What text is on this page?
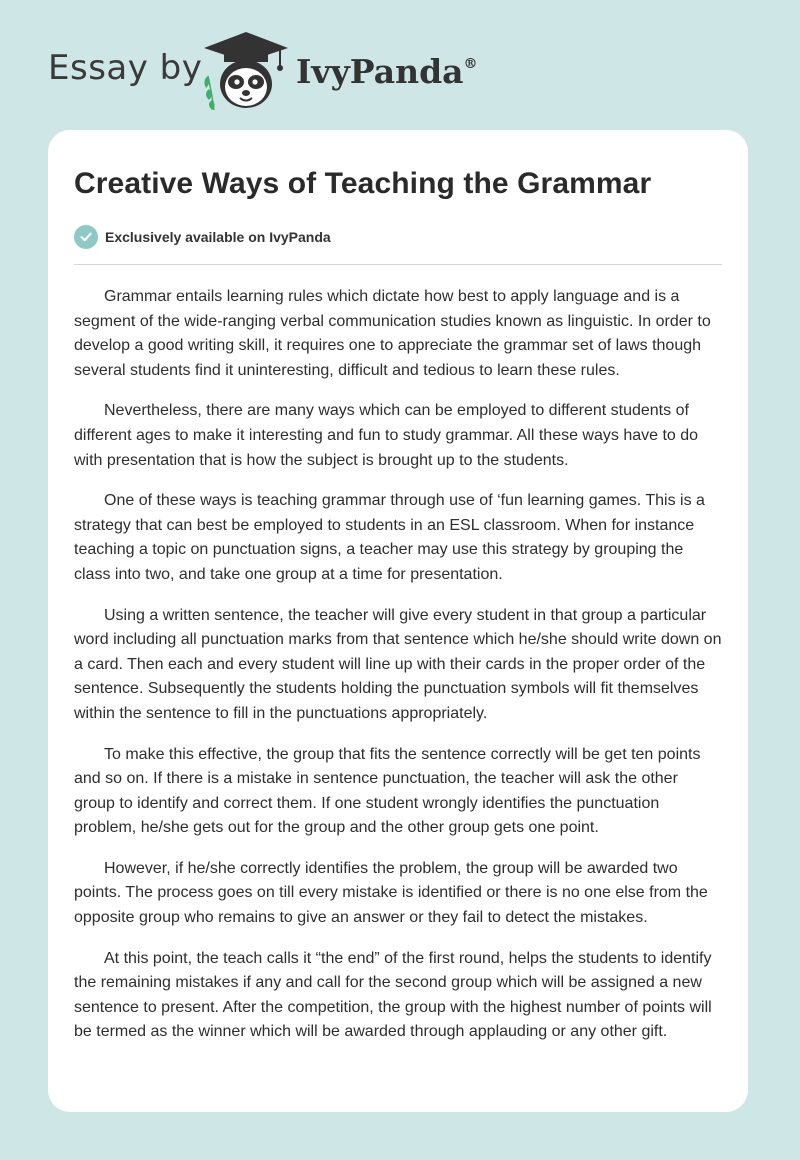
Essay by	IvyPanda®
Creative Ways of Teaching the Grammar
Exclusively available on IvyPanda

Grammar entails learning rules which dictate how best to apply language and is a segment of the wide-ranging verbal communication studies known as linguistic. In order to develop a good writing skill, it requires one to appreciate the grammar set of laws though several students find it uninteresting, difficult and tedious to learn these rules.

Nevertheless, there are many ways which can be employed to different students of different ages to make it interesting and fun to study grammar. All these ways have to do with presentation that is how the subject is brought up to the students.

One of these ways is teaching grammar through use of ‘fun learning games. This is a strategy that can best be employed to students in an ESL classroom. When for instance teaching a topic on punctuation signs, a teacher may use this strategy by grouping the class into two, and take one group at a time for presentation.

Using a written sentence, the teacher will give every student in that group a particular word including all punctuation marks from that sentence which he/she should write down on a card. Then each and every student will line up with their cards in the proper order of the sentence. Subsequently the students holding the punctuation symbols will fit themselves within the sentence to fill in the punctuations appropriately.

To make this effective, the group that fits the sentence correctly will be get ten points and so on. If there is a mistake in sentence punctuation, the teacher will ask the other group to identify and correct them. If one student wrongly identifies the punctuation problem, he/she gets out for the group and the other group gets one point.

However, if he/she correctly identifies the problem, the group will be awarded two points. The process goes on till every mistake is identified or there is no one else from the opposite group who remains to give an answer or they fail to detect the mistakes.

At this point, the teach calls it “the end” of the first round, helps the students to identify the remaining mistakes if any and call for the second group which will be assigned a new sentence to present. After the competition, the group with the highest number of points will be termed as the winner which will be awarded through applauding or any other gift.
